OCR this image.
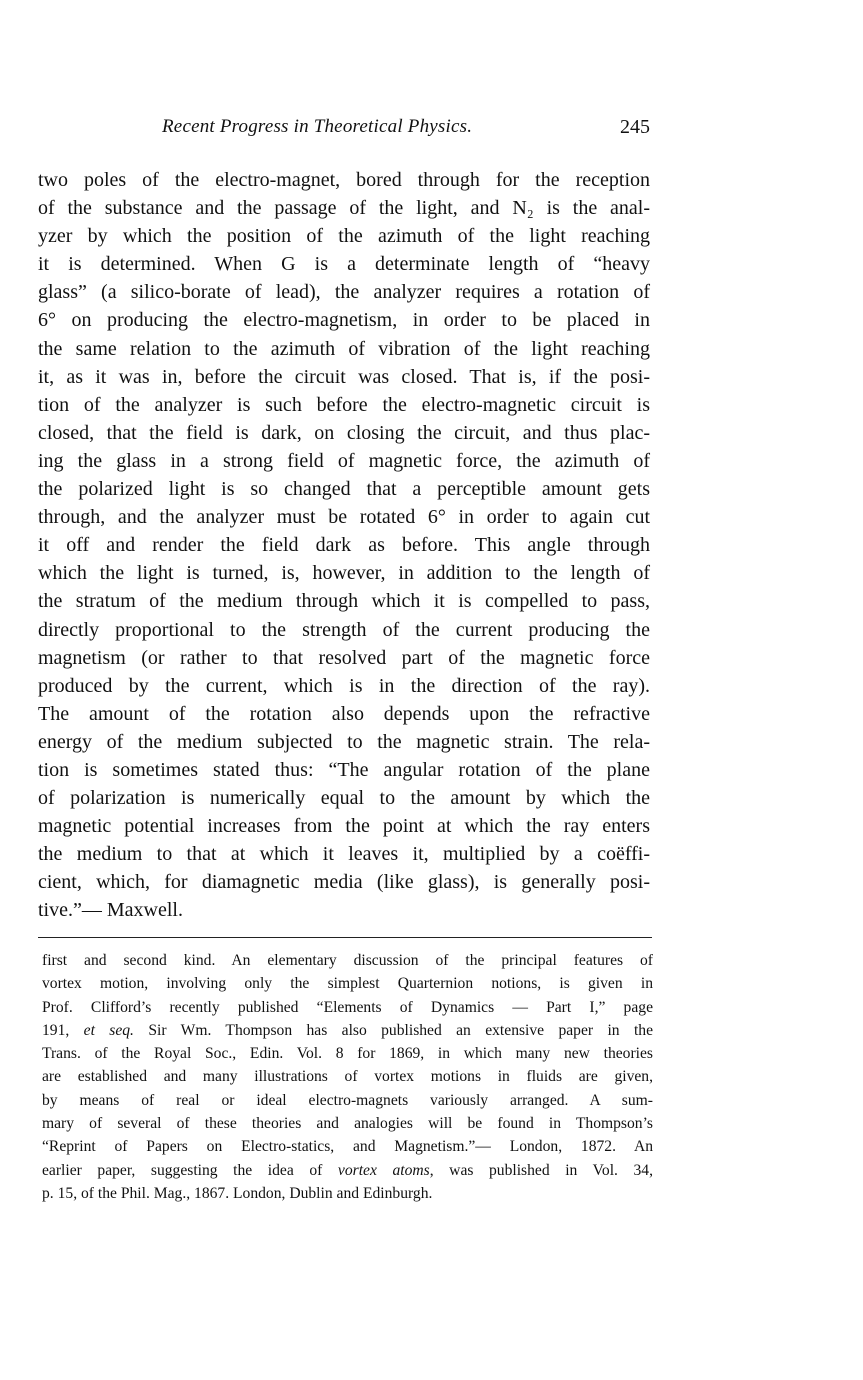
Recent Progress in Theoretical Physics.	245
two poles of the electro-magnet, bored through for the reception
of the substance and the passage of the light, and N₂ is the anal-
yzer by which the position of the azimuth of the light reaching
it is determined. When G is a determinate length of “heavy
glass” (a silico-borate of lead), the analyzer requires a rotation of
6° on producing the electro-magnetism, in order to be placed in
the same relation to the azimuth of vibration of the light reaching
it, as it was in, before the circuit was closed. That is, if the posi-
tion of the analyzer is such before the electro-magnetic circuit is
closed, that the field is dark, on closing the circuit, and thus plac-
ing the glass in a strong field of magnetic force, the azimuth of
the polarized light is so changed that a perceptible amount gets
through, and the analyzer must be rotated 6° in order to again cut
it off and render the field dark as before. This angle through
which the light is turned, is, however, in addition to the length of
the stratum of the medium through which it is compelled to pass,
directly proportional to the strength of the current producing the
magnetism (or rather to that resolved part of the magnetic force
produced by the current, which is in the direction of the ray).
The amount of the rotation also depends upon the refractive
energy of the medium subjected to the magnetic strain. The rela-
tion is sometimes stated thus: “The angular rotation of the plane
of polarization is numerically equal to the amount by which the
magnetic potential increases from the point at which the ray enters
the medium to that at which it leaves it, multiplied by a coëffi-
cient, which, for diamagnetic media (like glass), is generally posi-
tive.”— Maxwell.
first and second kind. An elementary discussion of the principal features of
vortex motion, involving only the simplest Quarternion notions, is given in
Prof. Clifford’s recently published “Elements of Dynamics — Part I,” page
191, et seq. Sir Wm. Thompson has also published an extensive paper in the
Trans. of the Royal Soc., Edin. Vol. 8 for 1869, in which many new theories
are established and many illustrations of vortex motions in fluids are given,
by means of real or ideal electro-magnets variously arranged. A sum-
mary of several of these theories and analogies will be found in Thompson’s
“Reprint of Papers on Electro-statics, and Magnetism.”— London, 1872. An
earlier paper, suggesting the idea of vortex atoms, was published in Vol. 34,
p. 15, of the Phil. Mag., 1867. London, Dublin and Edinburgh.
